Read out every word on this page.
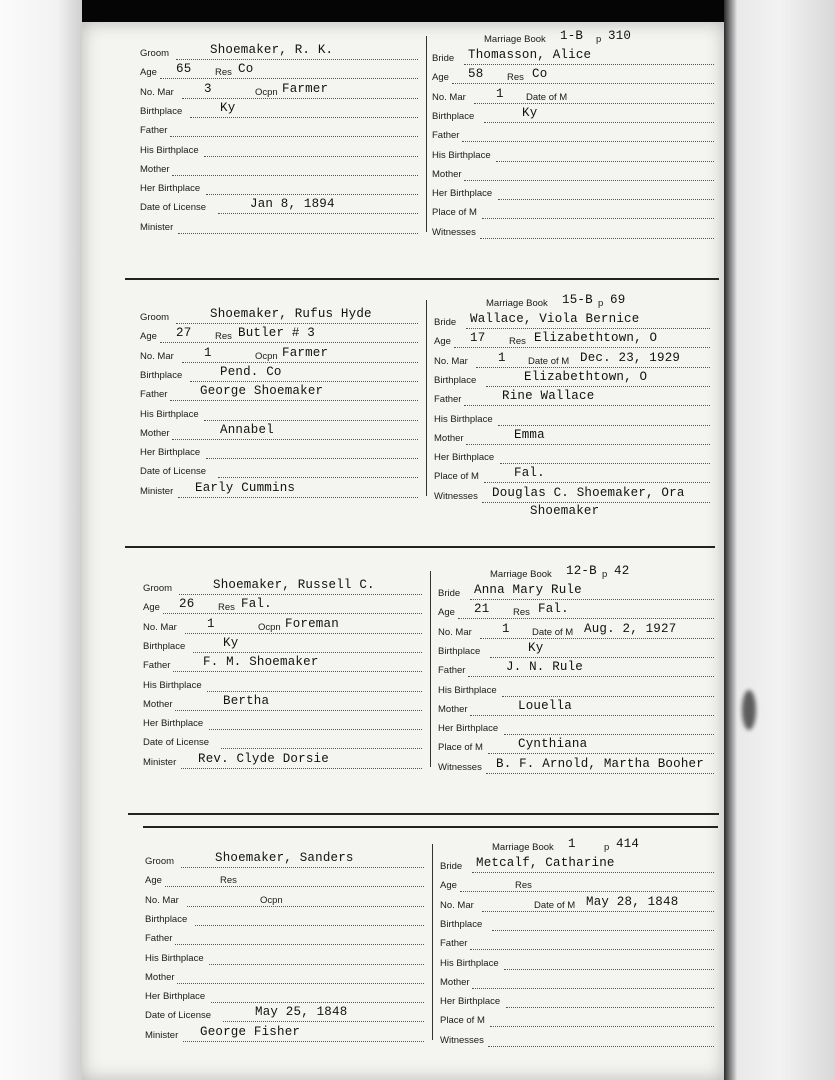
Groom	Shoemaker, R. K.
Age 65 Res Co
No. Mar 3	Ocpn Farmer
Birthplace	Ky
Father
His Birthplace
Mother
Her Birthplace
Date of License	Jan 8, 1894
Minister
Marriage Book 1-B p 310
Bride Thomasson, Alice
Age 58 Res Co
No. Mar 1 Date of M
Birthplace	Ky
Father
His Birthplace
Mother
Her Birthplace
Place of M
Witnesses
Groom	Shoemaker, Rufus Hyde
Age 27 Res Butler # 3
No. Mar 1	Ocpn Farmer
Birthplace	Pend. Co
Father	George Shoemaker
His Birthplace
Mother	Annabel
Her Birthplace
Date of License
Minister Early Cummins
Marriage Book 15-B p 69
Bride Wallace, Viola Bernice
Age 17 Res Elizabethtown, O
No. Mar 1 Date of M Dec. 23, 1929
Birthplace	Elizabethtown, O
Father	Rine Wallace
His Birthplace
Mother	Emma
Her Birthplace
Place of M	Fal.
Witnesses Douglas C. Shoemaker, Ora
Shoemaker
Groom	Shoemaker, Russell C.
Age 26 Res Fal.
No. Mar 1	Ocpn Foreman
Birthplace	Ky
Father	F. M. Shoemaker
His Birthplace
Mother	Bertha
Her Birthplace
Date of License
Minister Rev. Clyde Dorsie
Marriage Book 12-B p 42
Bride Anna Mary Rule
Age 21 Res Fal.
No. Mar 1 Date of M Aug. 2, 1927
Birthplace	Ky
Father	J. N. Rule
His Birthplace
Mother	Louella
Her Birthplace
Place of M	Cynthiana
Witnesses B. F. Arnold, Martha Booher
Groom	Shoemaker, Sanders
Age	Res
No. Mar	Ocpn
Birthplace
Father
His Birthplace
Mother
Her Birthplace
Date of License	May 25, 1848
Minister George Fisher
Marriage Book 1	p 414
Bride Metcalf, Catharine
Age	Res
No. Mar	Date of M May 28, 1848
Birthplace
Father
His Birthplace
Mother
Her Birthplace
Place of M
Witnesses
